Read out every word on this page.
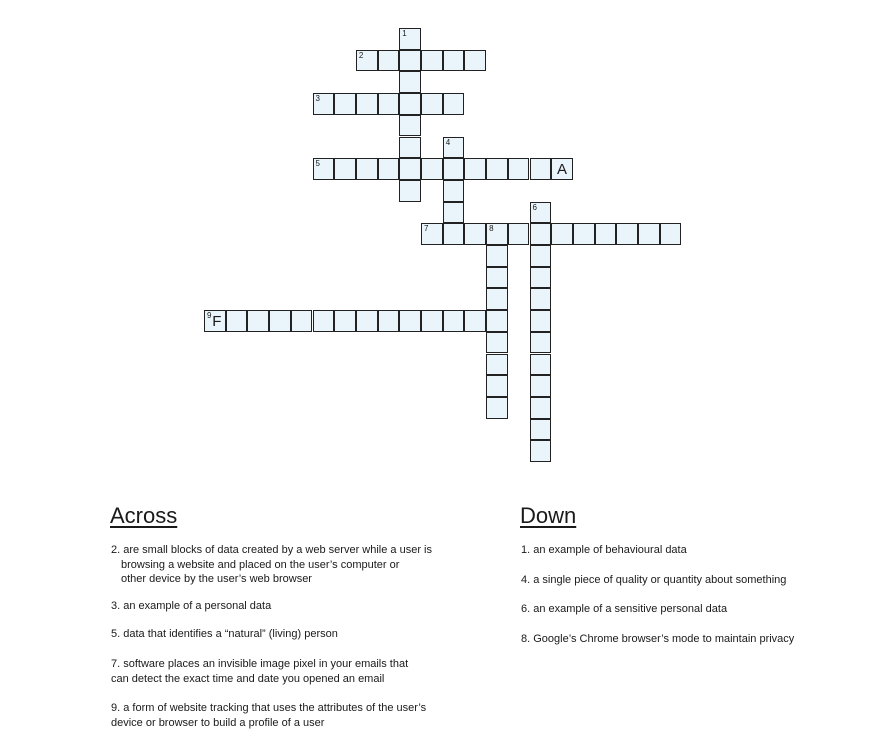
1
2
3
4
5	A
6
7	8
9 F
Across
2. are small blocks of data created by a web server while a user is
browsing a website and placed on the user’s computer or
other device by the user’s web browser
3. an example of a personal data
5. data that identifies a “natural” (living) person
7. software places an invisible image pixel in your emails that
can detect the exact time and date you opened an email
9. a form of website tracking that uses the attributes of the user’s
device or browser to build a profile of a user
Down
1. an example of behavioural data
4. a single piece of quality or quantity about something
6. an example of a sensitive personal data
8. Google’s Chrome browser’s mode to maintain privacy
